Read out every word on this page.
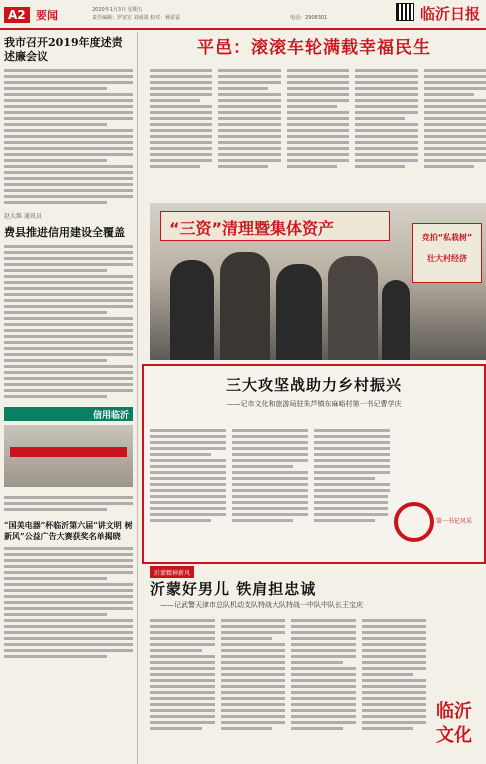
A2 要闻	2020年1月3日 星期五
责任编辑：罗宽宏 刘成果 校对：杨雷雷	电话：2908301	临沂日报
我市召开2019年度述责述廉会议
赵大维 通讯员
费县推进信用建设全覆盖
信用临沂
“国美电器”杯临沂第六届“讲文明 树新风”公益广告大赛获奖名单揭晓
平邑：滚滚车轮满载幸福民生
“三资”清理暨集体资产	竞拍“私栽树”
壮大村经济
三大攻坚战助力乡村振兴
——记市文化和旅游局驻朱芦镇东麻峪村第一书记曹学庆
第一书记风采
沂蒙精神新风
沂蒙好男儿 铁肩担忠诚
——记武警天津市总队机动支队特战大队特战一中队中队长王宝庆
临沂文化
